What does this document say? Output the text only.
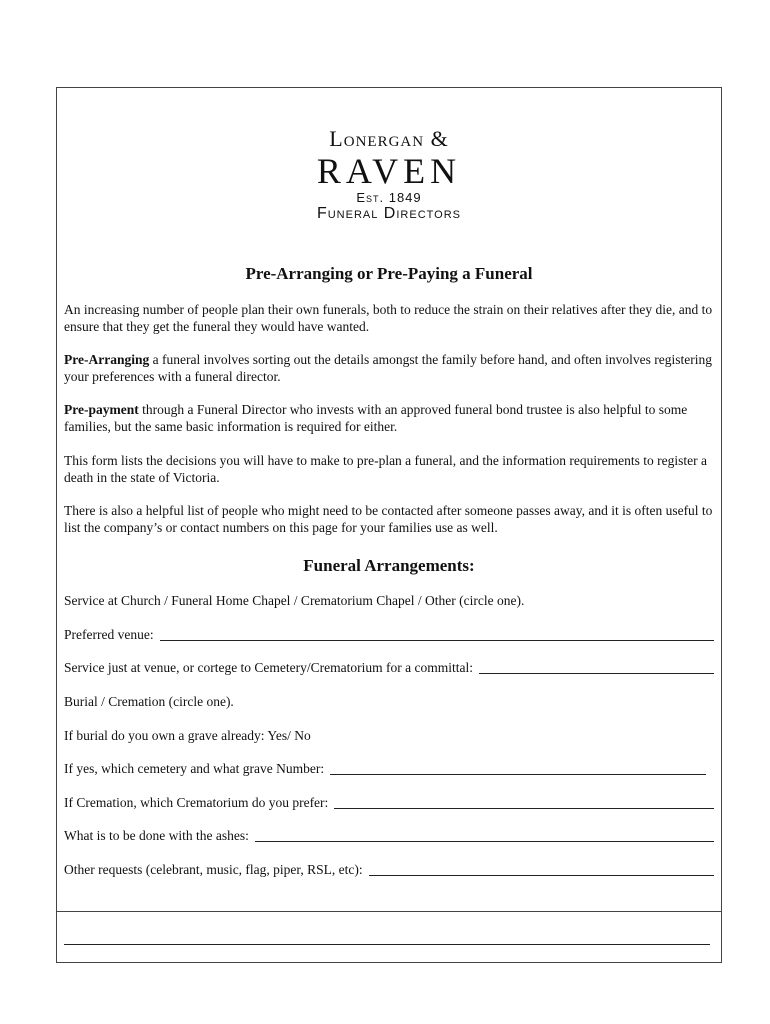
Lonergan &
RAVEN
Est. 1849
Funeral Directors
Pre-Arranging or Pre-Paying a Funeral
An increasing number of people plan their own funerals, both to reduce the strain on their relatives after they die, and to ensure that they get the funeral they would have wanted.
Pre-Arranging a funeral involves sorting out the details amongst the family before hand, and often involves registering your preferences with a funeral director.
Pre-payment through a Funeral Director who invests with an approved funeral bond trustee is also helpful to some families, but the same basic information is required for either.
This form lists the decisions you will have to make to pre-plan a funeral, and the information requirements to register a death in the state of Victoria.
There is also a helpful list of people who might need to be contacted after someone passes away, and it is often useful to list the company’s or contact numbers on this page for your families use as well.
Funeral Arrangements:
Service at Church / Funeral Home Chapel / Crematorium Chapel / Other (circle one).
Preferred venue:
Service just at venue, or cortege to Cemetery/Crematorium for a committal:
Burial / Cremation (circle one).
If burial do you own a grave already: Yes/ No
If yes, which cemetery and what grave Number:
If Cremation, which Crematorium do you prefer:
What is to be done with the ashes:
Other requests (celebrant, music, flag, piper, RSL, etc):
